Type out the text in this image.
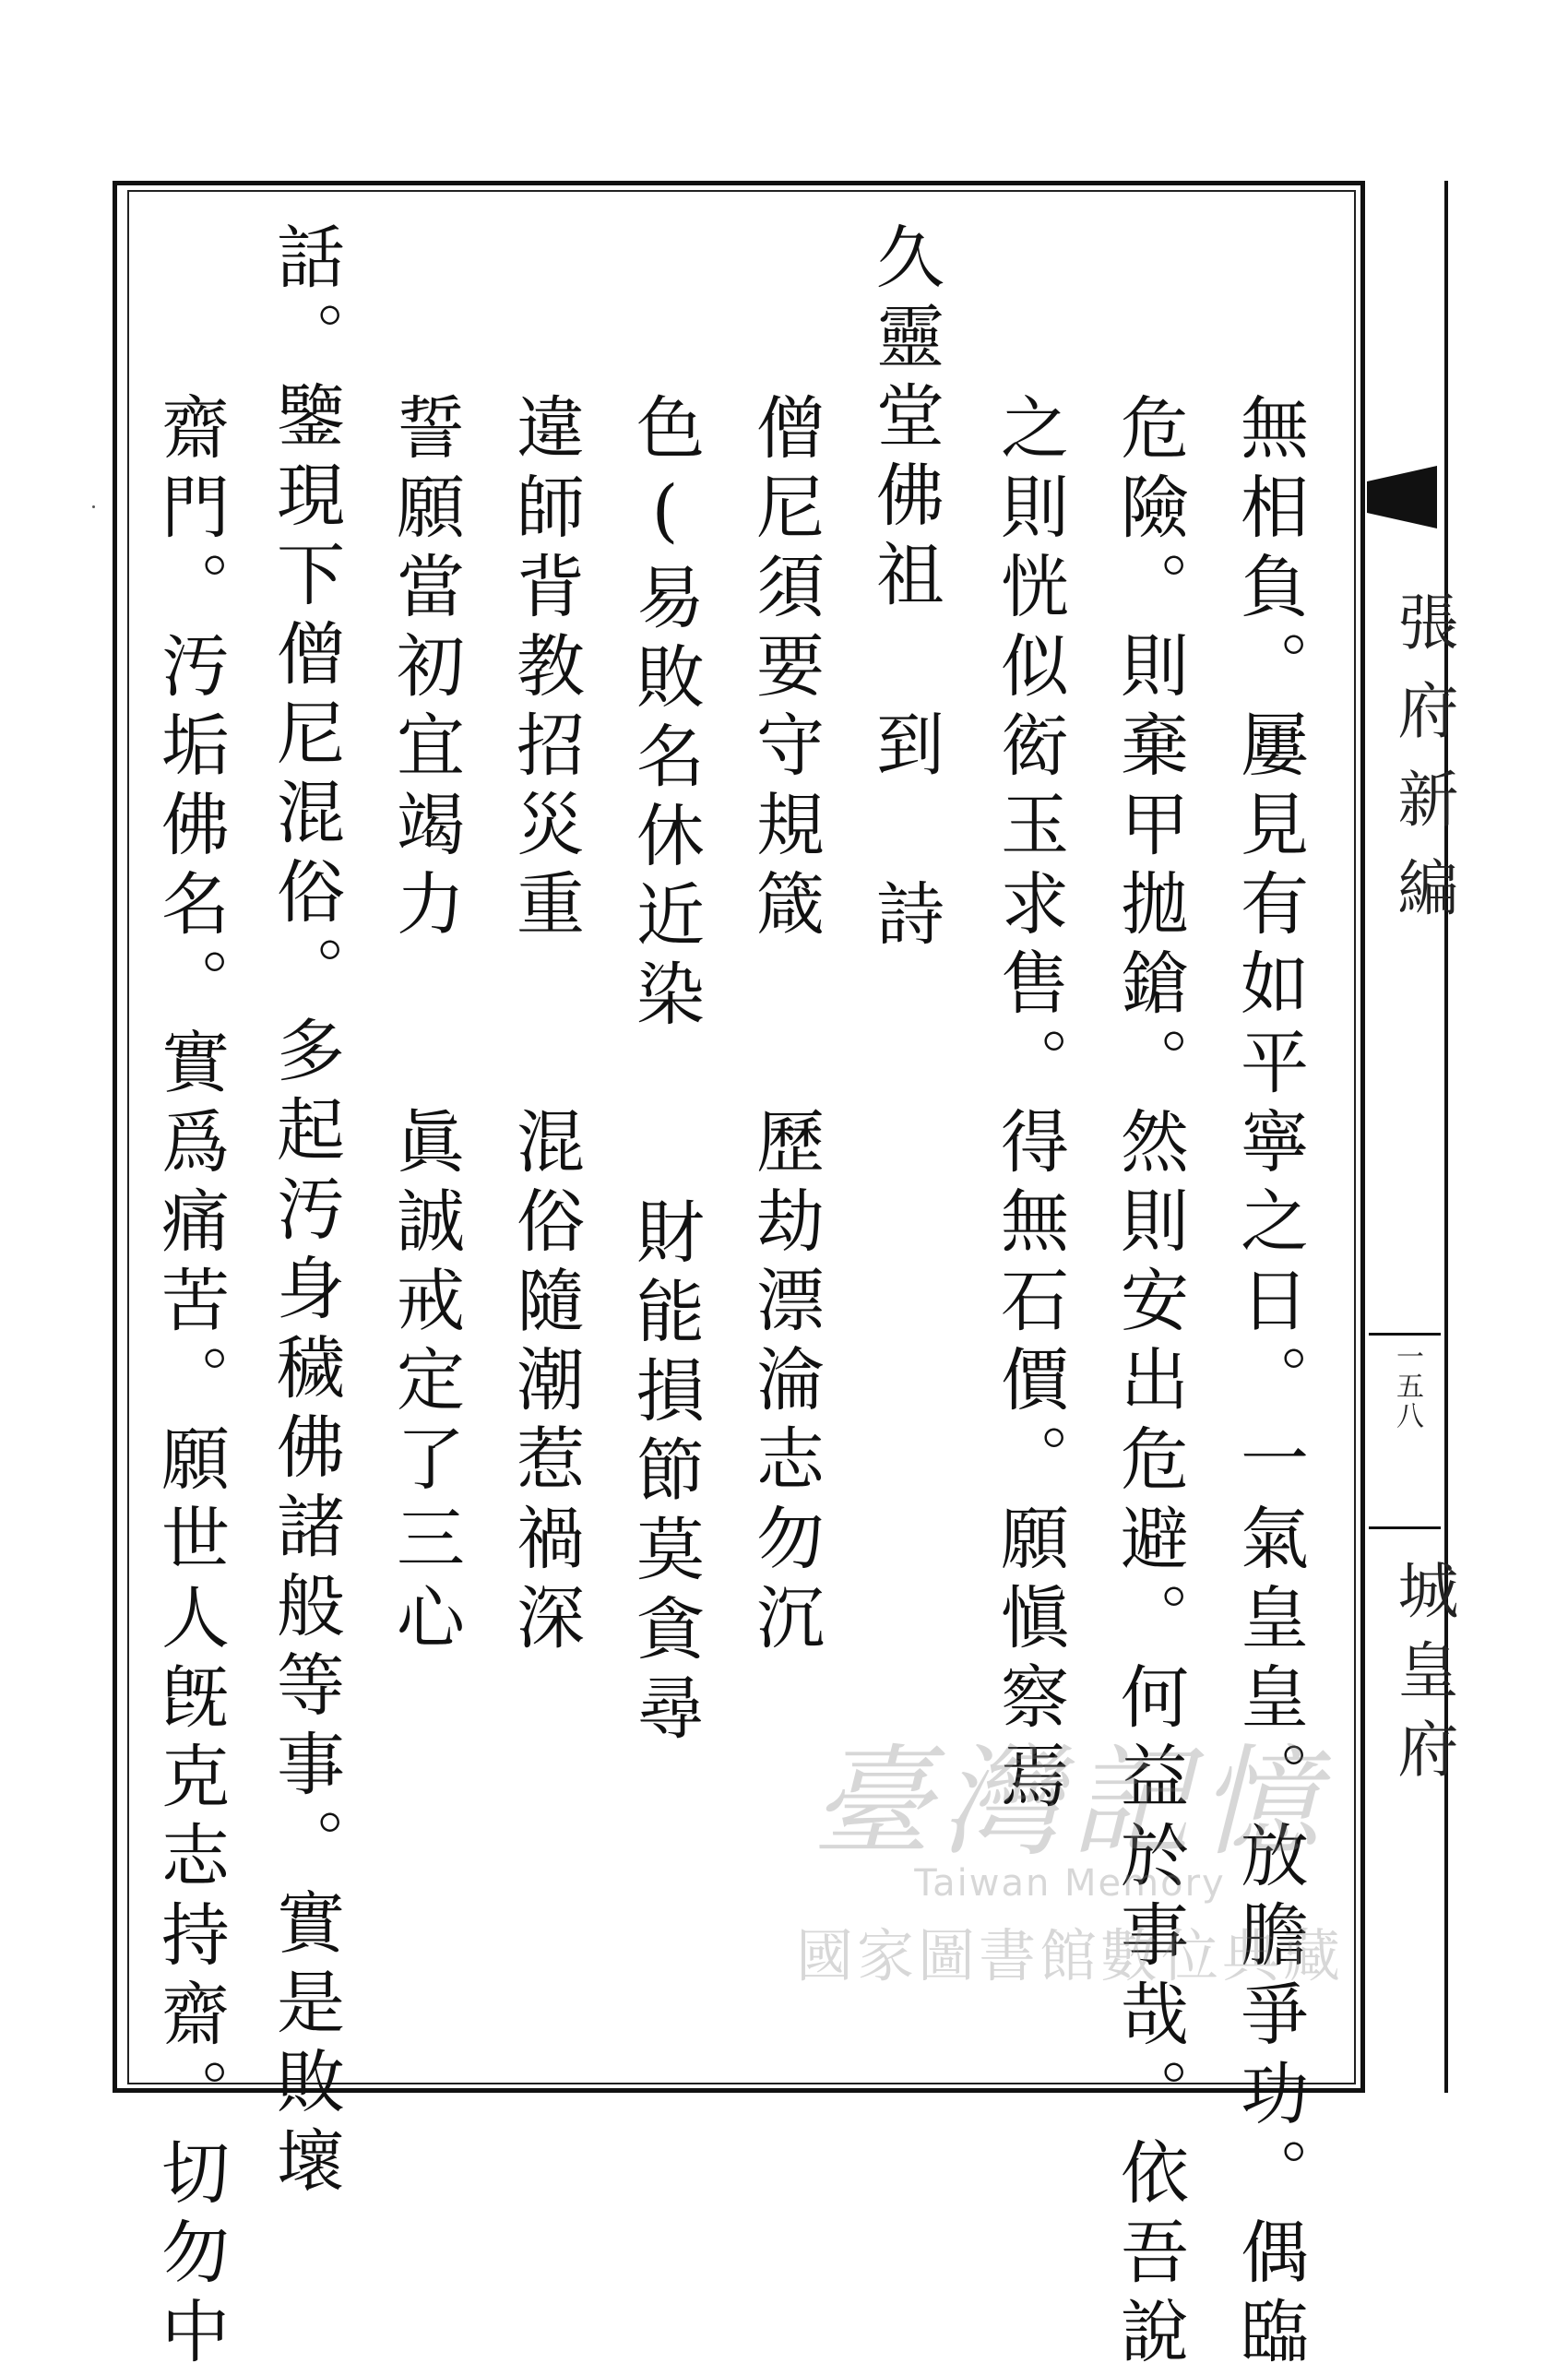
張府新編
一五八
城皇府
無相負。屢見有如平寧之日。一氣皇皇。放膽爭功。偶臨
危險。則棄甲拋鎗。然則安出危避。何益於事哉。依吾說
之則恍似衒玉求售。得無石價。願愼察焉
久靈堂佛祖 到 詩
僧尼須要守規箴　　歷劫漂淪志勿沉
色(易敗名休近染　　財能損節莫貪尋
違師背教招災重　　混俗隨潮惹禍深
誓願當初宜竭力　　眞誠戒定了三心
話。鑒現下僧尼混俗。多起汚身穢佛諸般等事。實是敗壞
齋門。汚垢佛名。實爲痛苦。願世人旣克志持齋。切勿中	臺灣記憶
Taiwan Memory
國家圖書館數位典藏
